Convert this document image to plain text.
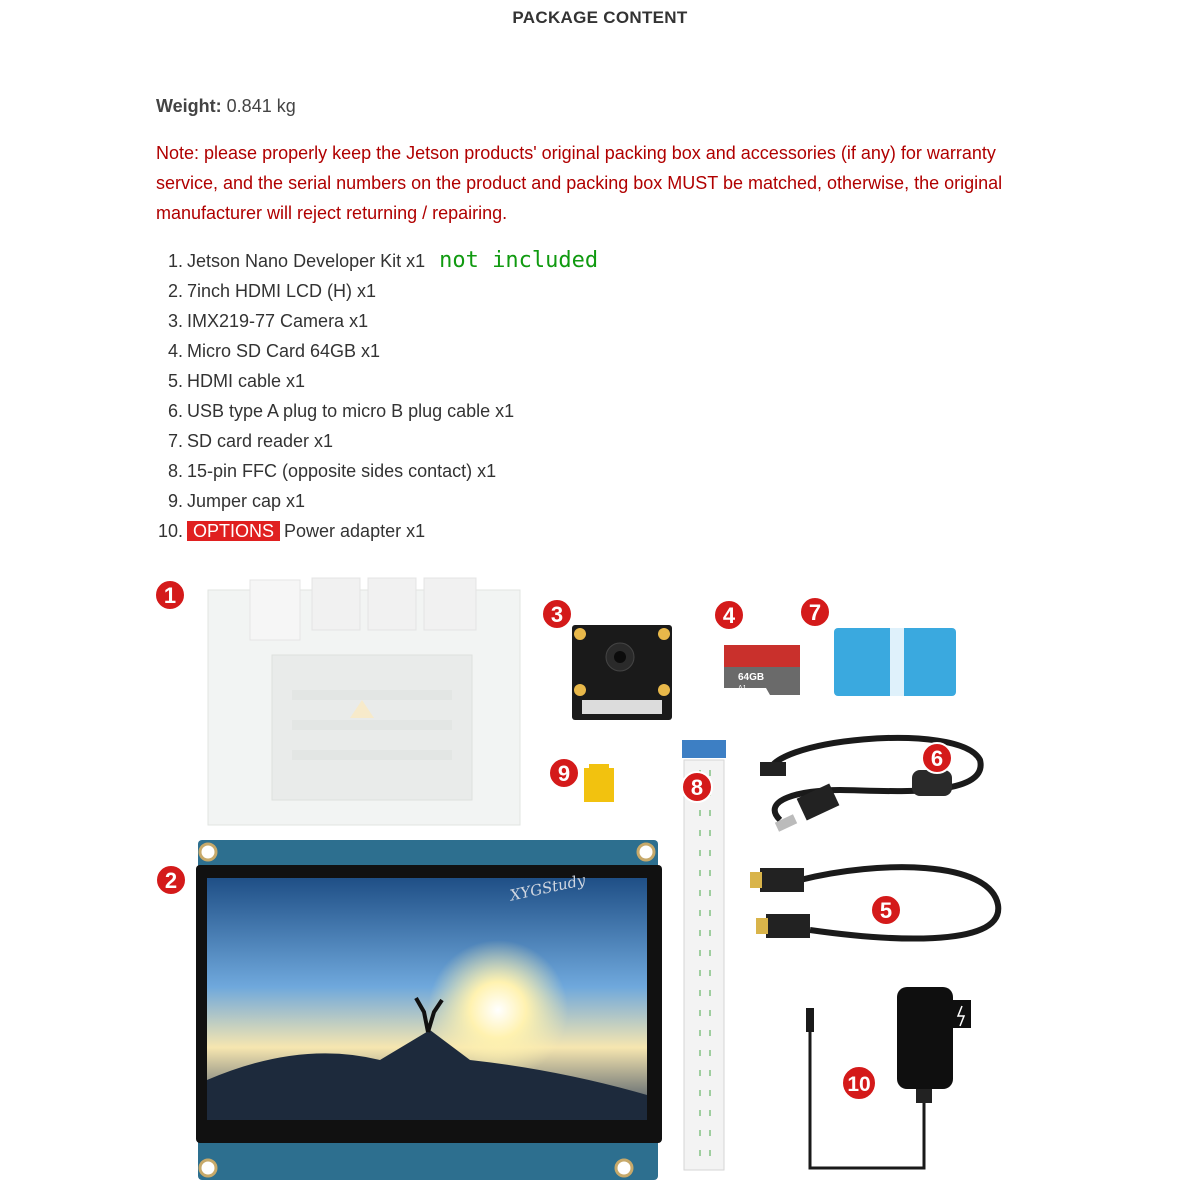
PACKAGE CONTENT
Weight: 0.841 kg
Note: please properly keep the Jetson products' original packing box and accessories (if any) for warranty service, and the serial numbers on the product and packing box MUST be matched, otherwise, the original manufacturer will reject returning / repairing.
1. Jetson Nano Developer Kit x1 not included
2. 7inch HDMI LCD (H) x1
3. IMX219-77 Camera x1
4. Micro SD Card 64GB x1
5. HDMI cable x1
6. USB type A plug to micro B plug cable x1
7. SD card reader x1
8. 15-pin FFC (opposite sides contact) x1
9. Jumper cap x1
10. OPTIONS Power adapter x1
XYGStudy
64GB
A1
1
2
3	4
5
6
7
8
9
10
